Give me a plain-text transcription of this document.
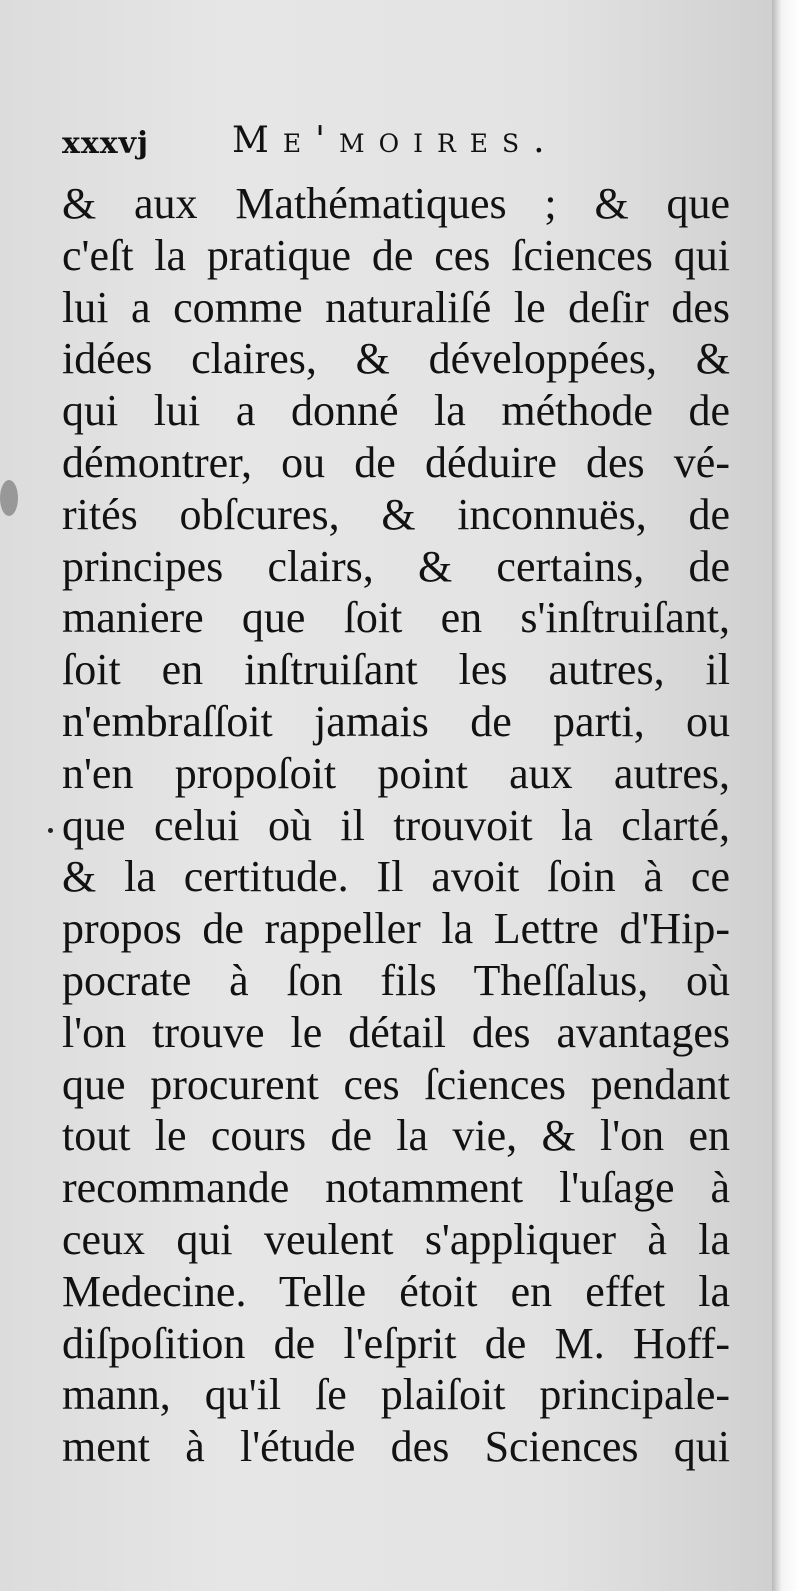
xxxvj Me'moires.
& aux Mathématiques ; & que
c'eſt la pratique de ces ſciences qui
lui a comme naturaliſé le deſir des
idées claires, & développées, &
qui lui a donné la méthode de
démontrer, ou de déduire des vé-
rités obſcures, & inconnuës, de
principes clairs, & certains, de
maniere que ſoit en s'inſtruiſant,
ſoit en inſtruiſant les autres, il
n'embraſſoit jamais de parti, ou
n'en propoſoit point aux autres,
que celui où il trouvoit la clarté,
& la certitude. Il avoit ſoin à ce
propos de rappeller la Lettre d'Hip-
pocrate à ſon fils Theſſalus, où
l'on trouve le détail des avantages
que procurent ces ſciences pendant
tout le cours de la vie, & l'on en
recommande notamment l'uſage à
ceux qui veulent s'appliquer à la
Medecine. Telle étoit en effet la
diſpoſition de l'eſprit de M. Hoff-
mann, qu'il ſe plaiſoit principale-
ment à l'étude des Sciences qui
